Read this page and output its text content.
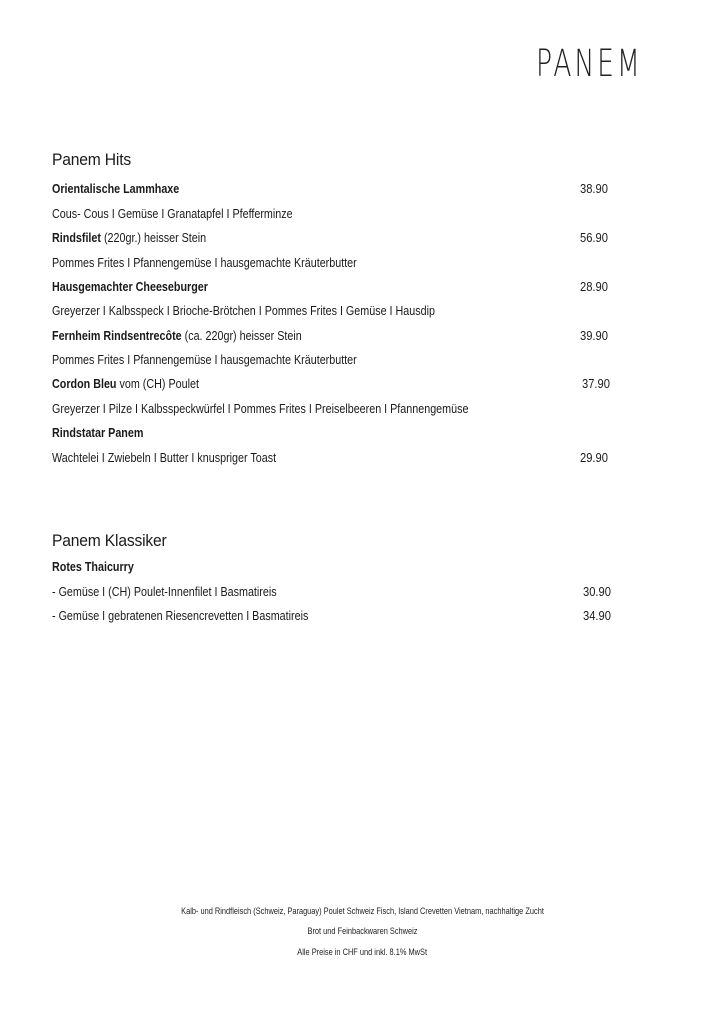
PANEM
Panem Hits
Orientalische Lammhaxe	38.90
Cous- Cous I Gemüse I Granatapfel I Pfefferminze
Rindsfilet (220gr.) heisser Stein	56.90
Pommes Frites I Pfannengemüse I hausgemachte Kräuterbutter
Hausgemachter Cheeseburger	28.90
Greyerzer I Kalbsspeck I Brioche-Brötchen I Pommes Frites I Gemüse I Hausdip
Fernheim Rindsentrecôte (ca. 220gr) heisser Stein	39.90
Pommes Frites I Pfannengemüse I hausgemachte Kräuterbutter
Cordon Bleu vom (CH) Poulet	37.90
Greyerzer I Pilze I Kalbsspeckwürfel I Pommes Frites I Preiselbeeren I Pfannengemüse
Rindstatar Panem
Wachtelei I Zwiebeln I Butter I knuspriger Toast	29.90
Panem Klassiker
Rotes Thaicurry
- Gemüse I (CH) Poulet-Innenfilet I Basmatireis	30.90
- Gemüse I gebratenen Riesencrevetten I Basmatireis	34.90
Kalb- und Rindfleisch (Schweiz, Paraguay) Poulet Schweiz Fisch, Island Crevetten Vietnam, nachhaltige Zucht
Brot und Feinbackwaren Schweiz
Alle Preise in CHF und inkl. 8.1% MwSt
